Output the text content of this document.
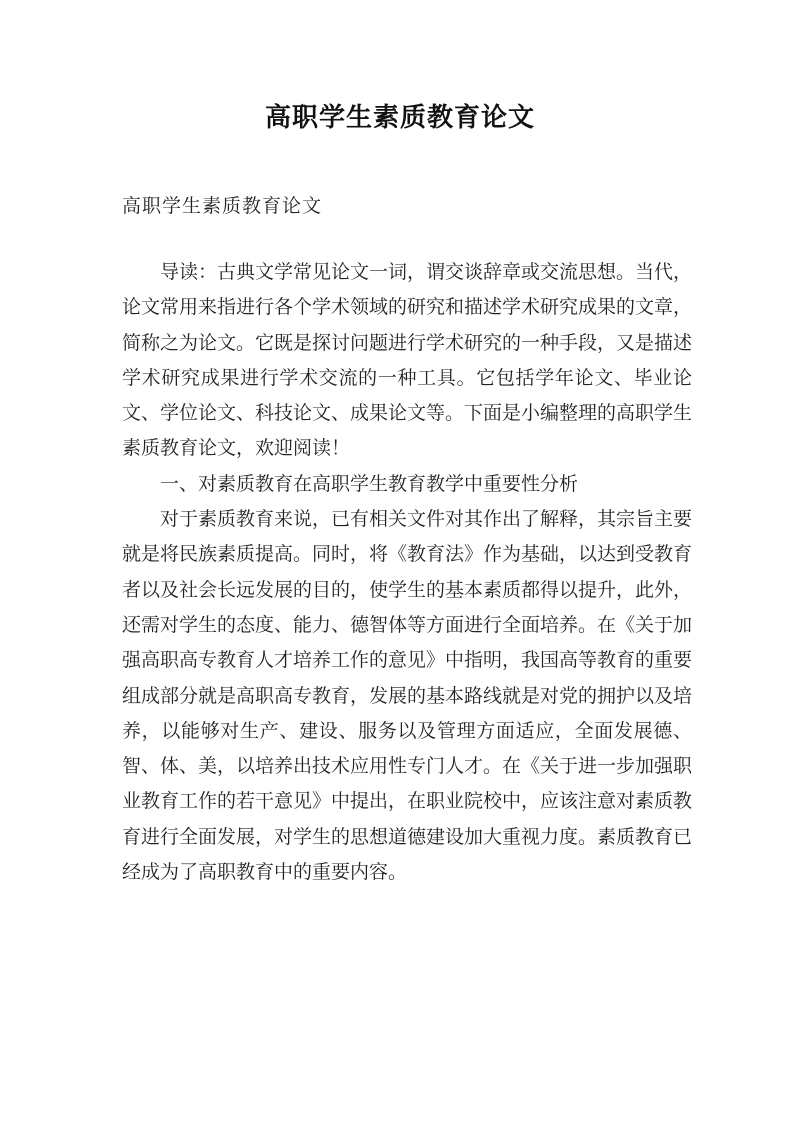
高职学生素质教育论文
高职学生素质教育论文

导读：古典文学常见论文一词，谓交谈辞章或交流思想。当代，论文常用来指进行各个学术领域的研究和描述学术研究成果的文章，简称之为论文。它既是探讨问题进行学术研究的一种手段，又是描述学术研究成果进行学术交流的一种工具。它包括学年论文、毕业论文、学位论文、科技论文、成果论文等。下面是小编整理的高职学生素质教育论文，欢迎阅读！

一、对素质教育在高职学生教育教学中重要性分析

对于素质教育来说，已有相关文件对其作出了解释，其宗旨主要就是将民族素质提高。同时，将《教育法》作为基础，以达到受教育者以及社会长远发展的目的，使学生的基本素质都得以提升，此外，还需对学生的态度、能力、德智体等方面进行全面培养。在《关于加强高职高专教育人才培养工作的意见》中指明，我国高等教育的重要组成部分就是高职高专教育，发展的基本路线就是对党的拥护以及培养，以能够对生产、建设、服务以及管理方面适应，全面发展德、智、体、美，以培养出技术应用性专门人才。在《关于进一步加强职业教育工作的若干意见》中提出，在职业院校中，应该注意对素质教育进行全面发展，对学生的思想道德建设加大重视力度。素质教育已经成为了高职教育中的重要内容。
